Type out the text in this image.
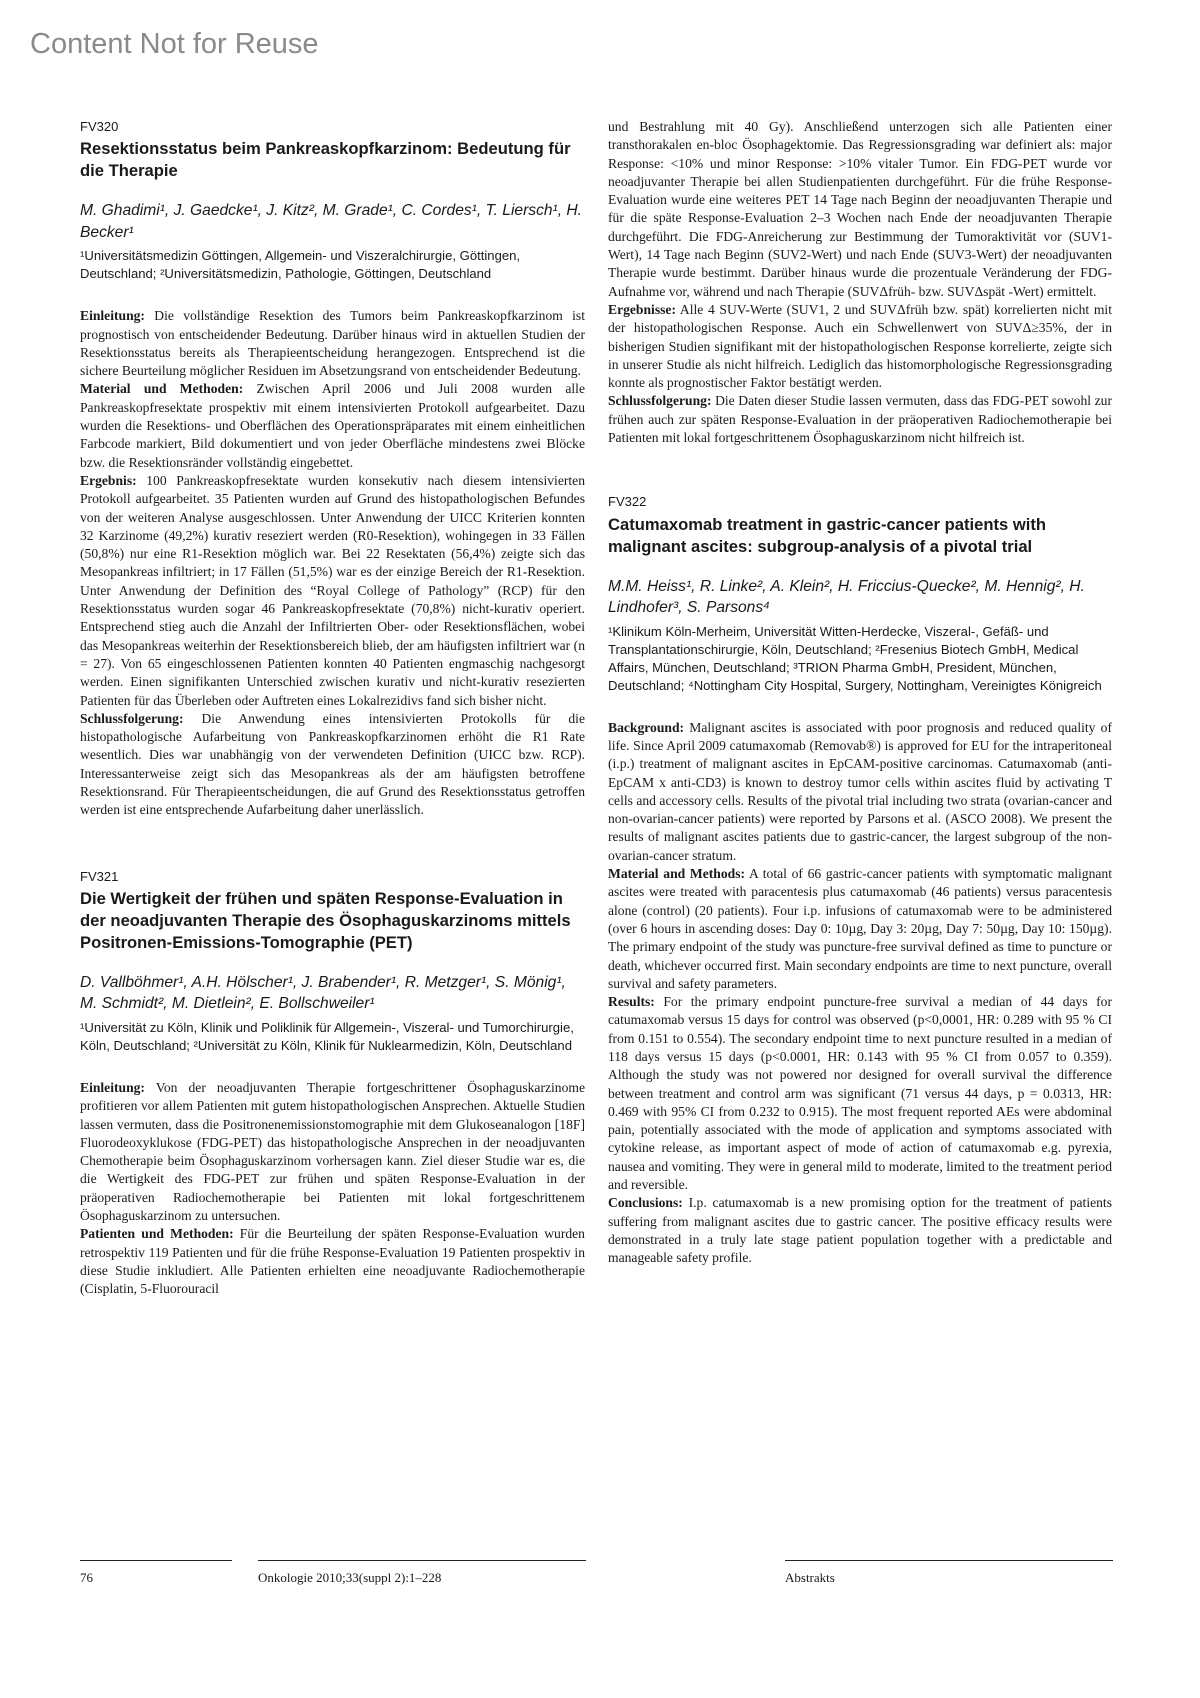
Content Not for Reuse
FV320
Resektionsstatus beim Pankreaskopfkarzinom: Bedeutung für die Therapie
M. Ghadimi¹, J. Gaedcke¹, J. Kitz², M. Grade¹, C. Cordes¹, T. Liersch¹, H. Becker¹
¹Universitätsmedizin Göttingen, Allgemein- und Viszeralchirurgie, Göttingen, Deutschland; ²Universitätsmedizin, Pathologie, Göttingen, Deutschland

Einleitung: Die vollständige Resektion des Tumors beim Pankreaskopfkarzinom ist prognostisch von entscheidender Bedeutung. Darüber hinaus wird in aktuellen Studien der Resektionsstatus bereits als Therapieentscheidung herangezogen. Entsprechend ist die sichere Beurteilung möglicher Residuen im Absetzungsrand von entscheidender Bedeutung.

Material und Methoden: Zwischen April 2006 und Juli 2008 wurden alle Pankreaskopfresektate prospektiv mit einem intensivierten Protokoll aufgearbeitet. Dazu wurden die Resektions- und Oberflächen des Operationspräparates mit einem einheitlichen Farbcode markiert, Bild dokumentiert und von jeder Oberfläche mindestens zwei Blöcke bzw. die Resektionsränder vollständig eingebettet.

Ergebnis: 100 Pankreaskopfresektate wurden konsekutiv nach diesem intensivierten Protokoll aufgearbeitet. 35 Patienten wurden auf Grund des histopathologischen Befundes von der weiteren Analyse ausgeschlossen. Unter Anwendung der UICC Kriterien konnten 32 Karzinome (49,2%) kurativ reseziert werden (R0-Resektion), wohingegen in 33 Fällen (50,8%) nur eine R1-Resektion möglich war. Bei 22 Resektaten (56,4%) zeigte sich das Mesopankreas infiltriert; in 17 Fällen (51,5%) war es der einzige Bereich der R1-Resektion. Unter Anwendung der Definition des “Royal College of Pathology” (RCP) für den Resektionsstatus wurden sogar 46 Pankreaskopfresektate (70,8%) nicht-kurativ operiert. Entsprechend stieg auch die Anzahl der Infiltrierten Ober- oder Resektionsflächen, wobei das Mesopankreas weiterhin der Resektionsbereich blieb, der am häufigsten infiltriert war (n = 27). Von 65 eingeschlossenen Patienten konnten 40 Patienten engmaschig nachgesorgt werden. Einen signifikanten Unterschied zwischen kurativ und nicht-kurativ resezierten Patienten für das Überleben oder Auftreten eines Lokalrezidivs fand sich bisher nicht.

Schlussfolgerung: Die Anwendung eines intensivierten Protokolls für die histopathologische Aufarbeitung von Pankreaskopfkarzinomen erhöht die R1 Rate wesentlich. Dies war unabhängig von der verwendeten Definition (UICC bzw. RCP). Interessanterweise zeigt sich das Mesopankreas als der am häufigsten betroffene Resektionsrand. Für Therapieentscheidungen, die auf Grund des Resektionsstatus getroffen werden ist eine entsprechende Aufarbeitung daher unerlässlich.

FV321
Die Wertigkeit der frühen und späten Response-Evaluation in der neoadjuvanten Therapie des Ösophaguskarzinoms mittels Positronen-Emissions-Tomographie (PET)
D. Vallböhmer¹, A.H. Hölscher¹, J. Brabender¹, R. Metzger¹, S. Mönig¹, M. Schmidt², M. Dietlein², E. Bollschweiler¹
¹Universität zu Köln, Klinik und Poliklinik für Allgemein-, Viszeral- und Tumorchirurgie, Köln, Deutschland; ²Universität zu Köln, Klinik für Nuklearmedizin, Köln, Deutschland

Einleitung: Von der neoadjuvanten Therapie fortgeschrittener Ösophaguskarzinome profitieren vor allem Patienten mit gutem histopathologischen Ansprechen. Aktuelle Studien lassen vermuten, dass die Positronenemissionstomographie mit dem Glukoseanalogon [18F] Fluorodeoxyklukose (FDG-PET) das histopathologische Ansprechen in der neoadjuvanten Chemotherapie beim Ösophaguskarzinom vorhersagen kann. Ziel dieser Studie war es, die die Wertigkeit des FDG-PET zur frühen und späten Response-Evaluation in der präoperativen Radiochemotherapie bei Patienten mit lokal fortgeschrittenem Ösophaguskarzinom zu untersuchen.

Patienten und Methoden: Für die Beurteilung der späten Response-Evaluation wurden retrospektiv 119 Patienten und für die frühe Response-Evaluation 19 Patienten prospektiv in diese Studie inkludiert. Alle Patienten erhielten eine neoadjuvante Radiochemotherapie (Cisplatin, 5-Fluorouracil

und Bestrahlung mit 40 Gy). Anschließend unterzogen sich alle Patienten einer transthorakalen en-bloc Ösophagektomie. Das Regressionsgrading war definiert als: major Response: <10% und minor Response: >10% vitaler Tumor. Ein FDG-PET wurde vor neoadjuvanter Therapie bei allen Studienpatienten durchgeführt. Für die frühe Response-Evaluation wurde eine weiteres PET 14 Tage nach Beginn der neoadjuvanten Therapie und für die späte Response-Evaluation 2–3 Wochen nach Ende der neoadjuvanten Therapie durchgeführt. Die FDG-Anreicherung zur Bestimmung der Tumoraktivität vor (SUV1-Wert), 14 Tage nach Beginn (SUV2-Wert) und nach Ende (SUV3-Wert) der neoadjuvanten Therapie wurde bestimmt. Darüber hinaus wurde die prozentuale Veränderung der FDG-Aufnahme vor, während und nach Therapie (SUVΔfrüh- bzw. SUVΔspät -Wert) ermittelt.

Ergebnisse: Alle 4 SUV-Werte (SUV1, 2 und SUVΔfrüh bzw. spät) korrelierten nicht mit der histopathologischen Response. Auch ein Schwellenwert von SUVΔ≥35%, der in bisherigen Studien signifikant mit der histopathologischen Response korrelierte, zeigte sich in unserer Studie als nicht hilfreich. Lediglich das histomorphologische Regressionsgrading konnte als prognostischer Faktor bestätigt werden.

Schlussfolgerung: Die Daten dieser Studie lassen vermuten, dass das FDG-PET sowohl zur frühen auch zur späten Response-Evaluation in der präoperativen Radiochemotherapie bei Patienten mit lokal fortgeschrittenem Ösophaguskarzinom nicht hilfreich ist.

FV322
Catumaxomab treatment in gastric-cancer patients with malignant ascites: subgroup-analysis of a pivotal trial
M.M. Heiss¹, R. Linke², A. Klein², H. Friccius-Quecke², M. Hennig², H. Lindhofer³, S. Parsons⁴
¹Klinikum Köln-Merheim, Universität Witten-Herdecke, Viszeral-, Gefäß- und Transplantationschirurgie, Köln, Deutschland; ²Fresenius Biotech GmbH, Medical Affairs, München, Deutschland; ³TRION Pharma GmbH, President, München, Deutschland; ⁴Nottingham City Hospital, Surgery, Nottingham, Vereinigtes Königreich

Background: Malignant ascites is associated with poor prognosis and reduced quality of life. Since April 2009 catumaxomab (Removab®) is approved for EU for the intraperitoneal (i.p.) treatment of malignant ascites in EpCAM-positive carcinomas. Catumaxomab (anti-EpCAM x anti-CD3) is known to destroy tumor cells within ascites fluid by activating T cells and accessory cells. Results of the pivotal trial including two strata (ovarian-cancer and non-ovarian-cancer patients) were reported by Parsons et al. (ASCO 2008). We present the results of malignant ascites patients due to gastric-cancer, the largest subgroup of the non-ovarian-cancer stratum.

Material and Methods: A total of 66 gastric-cancer patients with symptomatic malignant ascites were treated with paracentesis plus catumaxomab (46 patients) versus paracentesis alone (control) (20 patients). Four i.p. infusions of catumaxomab were to be administered (over 6 hours in ascending doses: Day 0: 10µg, Day 3: 20µg, Day 7: 50µg, Day 10: 150µg). The primary endpoint of the study was puncture-free survival defined as time to puncture or death, whichever occurred first. Main secondary endpoints are time to next puncture, overall survival and safety parameters.

Results: For the primary endpoint puncture-free survival a median of 44 days for catumaxomab versus 15 days for control was observed (p<0,0001, HR: 0.289 with 95 % CI from 0.151 to 0.554). The secondary endpoint time to next puncture resulted in a median of 118 days versus 15 days (p<0.0001, HR: 0.143 with 95 % CI from 0.057 to 0.359). Although the study was not powered nor designed for overall survival the difference between treatment and control arm was significant (71 versus 44 days, p = 0.0313, HR: 0.469 with 95% CI from 0.232 to 0.915). The most frequent reported AEs were abdominal pain, potentially associated with the mode of application and symptoms associated with cytokine release, as important aspect of mode of action of catumaxomab e.g. pyrexia, nausea and vomiting. They were in general mild to moderate, limited to the treatment period and reversible.

Conclusions: I.p. catumaxomab is a new promising option for the treatment of patients suffering from malignant ascites due to gastric cancer. The positive efficacy results were demonstrated in a truly late stage patient population together with a predictable and manageable safety profile.

76	Onkologie 2010;33(suppl 2):1–228	Abstrakts
